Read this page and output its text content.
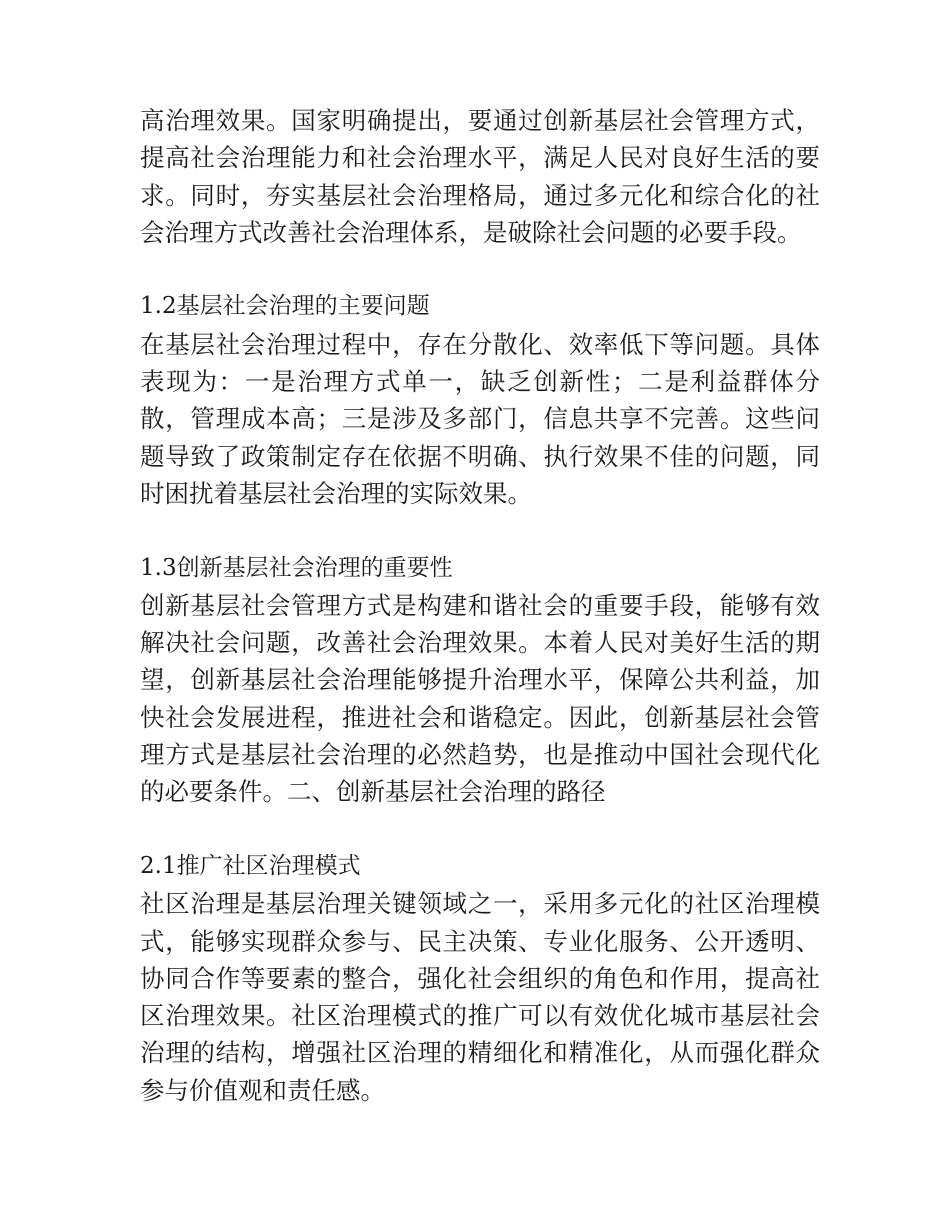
高治理效果。国家明确提出，要通过创新基层社会管理方式，提高社会治理能力和社会治理水平，满足人民对良好生活的要求。同时，夯实基层社会治理格局，通过多元化和综合化的社会治理方式改善社会治理体系，是破除社会问题的必要手段。

1.2基层社会治理的主要问题

在基层社会治理过程中，存在分散化、效率低下等问题。具体表现为：一是治理方式单一，缺乏创新性；二是利益群体分散，管理成本高；三是涉及多部门，信息共享不完善。这些问题导致了政策制定存在依据不明确、执行效果不佳的问题，同时困扰着基层社会治理的实际效果。

1.3创新基层社会治理的重要性

创新基层社会管理方式是构建和谐社会的重要手段，能够有效解决社会问题，改善社会治理效果。本着人民对美好生活的期望，创新基层社会治理能够提升治理水平，保障公共利益，加快社会发展进程，推进社会和谐稳定。因此，创新基层社会管理方式是基层社会治理的必然趋势，也是推动中国社会现代化的必要条件。二、创新基层社会治理的路径

2.1推广社区治理模式

社区治理是基层治理关键领域之一，采用多元化的社区治理模式，能够实现群众参与、民主决策、专业化服务、公开透明、协同合作等要素的整合，强化社会组织的角色和作用，提高社区治理效果。社区治理模式的推广可以有效优化城市基层社会治理的结构，增强社区治理的精细化和精准化，从而强化群众参与价值观和责任感。
